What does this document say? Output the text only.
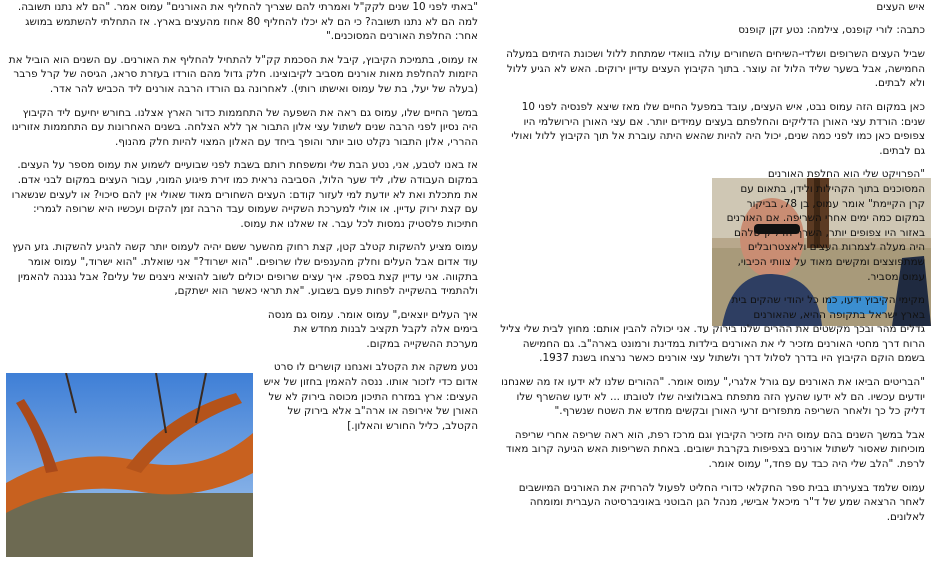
איש העצים

כתבה: לורי קופנס, צילמה: נטע זקן קופנס

שביל העצים השרופים ושלדי-השיחים השחורים עולה בוואדי שמתחת ללול ושכונת הזיתים במעלה החמישה, אבל בשער שליד הלול זה עוצר. בתוך הקיבוץ העצים עדיין ירוקים. האש לא הגיע ללול ולא לבתים.

כאן במקום הזה עמוס נבט, איש העצים, עובד במפעל החיים שלו מאז שיצא לפנסיה לפני 10 שנים: הורדת עצי האורן הדליקים והחלפתם בעצים עמידים יותר. אם עצי האורן הירושלמי היו צפופים כאן כמו לפני כמה שנים, יכול היה להיות שהאש היתה עוברת אל תוך הקיבוץ ללול ואולי גם לבתים.

"הפרויקט שלי הוא החלפת האורנים המסוכנים בתוך הקהילות ולידן, בתאום עם קרן הקיימת" אומר עמוס, בן 78, בביקור במקום כמה ימים אחרי השריפה. אם האורנים באזור היו צפופים יותר, השרף הדליק שלהם היה מעלה לצמרות העצים ולאצטרובלים שמתפוצצים ומקשים מאוד על צוותי הכיבוי, עמוס מסביר.

מקימי הקיבוץ ידעו, כמו כל יהודי שהקים בית בארץ ישראל בתקופה ההיא, שהאורנים גדלים מהר ובכך מקשטים את ההרים שלנו בירוק עד. אני יכולה להבין אותם: מחוץ לבית שלי צליל הרוח דרך מחטי האורנים מזכיר לי את האורנים בילדות במדינת ורמונט בארה"ב. גם החמישה בשמם הוקם הקיבוץ היו בדרך לסלול דרך ולשתול עצי אורנים כאשר נרצחו בשנת 1937.

"הבריטים הביאו את האורנים עם גורל אלגרי," עמוס אומר. "ההורים שלנו לא ידעו אז מה שאנחנו יודעים עכשיו. הם לא ידעו שהעץ הזה מתפתח באבולוציה שלו לטובתו ... לא ידעו שהשרף שלו דליק כל כך ולאחר השריפה מתפזרים זרעי האורן ובקשים מחדש את השטח שנשרף."

אבל במשך השנים בהם עמוס היה מזכיר הקיבוץ וגם מרכז רפת, הוא ראה שריפה אחרי שריפה מוכיחות שאסור לשתול אורנים בצפיפות בקרבת ישובים. באחת השריפות האש הגיעה קרוב מאוד לרפת. "הלב שלי היה כבד עם פחד," עמוס אומר.

עמוס שלמד בצעירתו בבית ספר החקלאי כדורי החליט לפעול להרחיק את האורנים המיושבים לאחר הרצאה שמע של ד"ר מיכאל אבישי, מנהל הגן הבוטני באוניברסיטה העברית ומומחה לאלונים.

"באתי לפני 10 שנים לקק"ל ואמרתי להם שצריך להחליף את האורנים" עמוס אמר. "הם לא נתנו תשובה. למה הם לא נתנו תשובה? כי הם לא יכלו להחליף 80 אחוז מהעצים בארץ. אז התחלתי להשתמש במושג אחר: החלפת האורנים המסוכנים."

אז עמוס, בתמיכת הקיבוץ, קיבל את הסכמת קק"ל להתחיל להחליף את האורנים. עם השנים הוא הוביל את היזמות להחלפת מאות אורנים מסביב לקיבוצינו. חלק גדול מהם הורדו בעזרת סראנ, הגיסה של קרל פרבר (בעלה של יעל, בת של עמוס ואישתו רותי). לאחרונה גם הורדו הרבה אורנים ליד הכביש להר אדר.

במשך החיים שלו, עמוס גם ראה את השפעה של התחממות כדור הארץ אצלנו. בחורש יחיעם ליד הקיבוץ היה נסיון לפני הרבה שנים לשתול עצי אלון התבור אך ללא הצלחה. בשנים האחרונות עם התחממות אזורינו ההררי, אלון התבור נקלט טוב יותר והופך ביחד עם האלון המצוי להיות חלק מהנוף.

אז באנו לטבע, אני, נטע הבת שלי ומשפחת רותם בשבת לפני שבועיים לשמוע את עמוס מספר על העצים. במקום העבודה שלו, ליד שער הלול, הסביבה נראית כמו זירת פיגוע המוני, עבור העצים במקום לבני אדם. את מתכלת ואת לא יודעת למי לעזור קודם: העצים השחורים מאוד שאולי אין להם סיכוי? או לעצים שנשארו עם קצת ירוק עדיין. או אולי למערכת השקייה שעמוס עבד הרבה זמן להקים ועכשיו היא שרופה לגמרי: חתיכות פלסטיק נמסות לכל עבר. אז שאלנו את עמוס.

עמוס מציע להשקות קטלב קטן, קצת רחוק מהשער ששם יהיה לעמוס יותר קשה להגיע להשקות. גזע העץ עוד אדום אבל העלים וחלק מהענפים שלו שרופים. "הוא ישרוד?" אני שואלת. "הוא ישרוד," עמוס אומר בתקווה. אני עדיין קצת בספק. איך עצים שרופים יכולים לשוב להוציא ניצנים של עלים? אבל נגננה להאמין ולהתמיד בהשקייה לפחות פעם בשבוע. "את תראי כאשר הוא ישתקם,

איך העלים יוצאים," עמוס אומר. עמוס גם מנסה בימים אלה לקבל תקציב לבנות מחדש את מערכת ההשקייה במקום.

נטע משקה את הקטלב ואנחנו קושרים לו סרט אדום כדי לזכור אותו. ננסה להאמין בחזון של איש העצים: ארץ במזרח התיכון מכוסה בירוק לא של האורן של אירופה או ארה"ב אלא בירוק של הקטלב, כליל החורש והאלון.]
